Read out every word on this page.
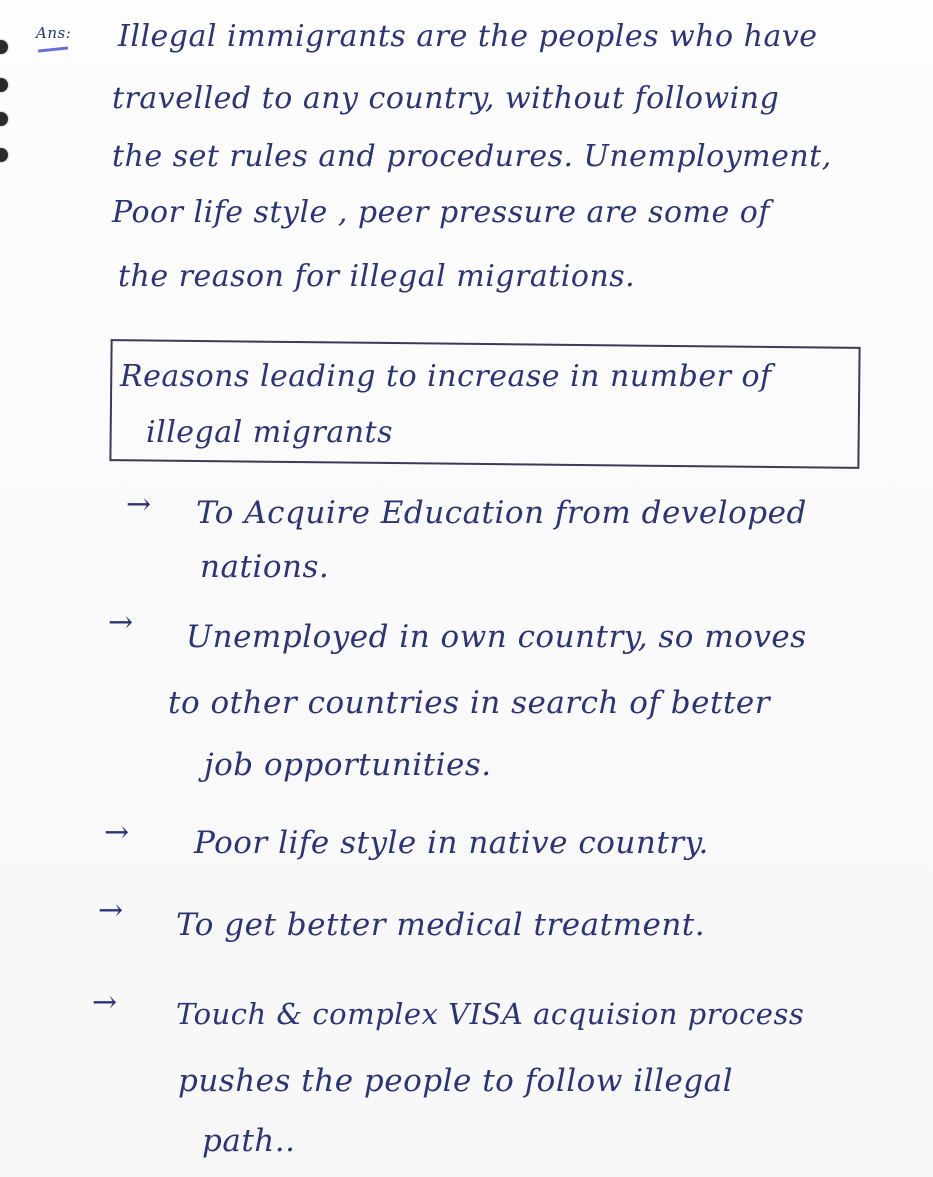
Ans: Illegal immigrants are the peoples who have
travelled to any country, without following
the set rules and procedures. Unemployment,
Poor life style , peer pressure are some of
the reason for illegal migrations.
Reasons leading to increase in number of
illegal migrants
→ To Acquire Education from developed
nations.
→ Unemployed in own country, so moves
to other countries in search of better
job opportunities.
→ Poor life style in native country.
→ To get better medical treatment.
→ Touch & complex VISA acquision process
pushes the people to follow illegal
path..
